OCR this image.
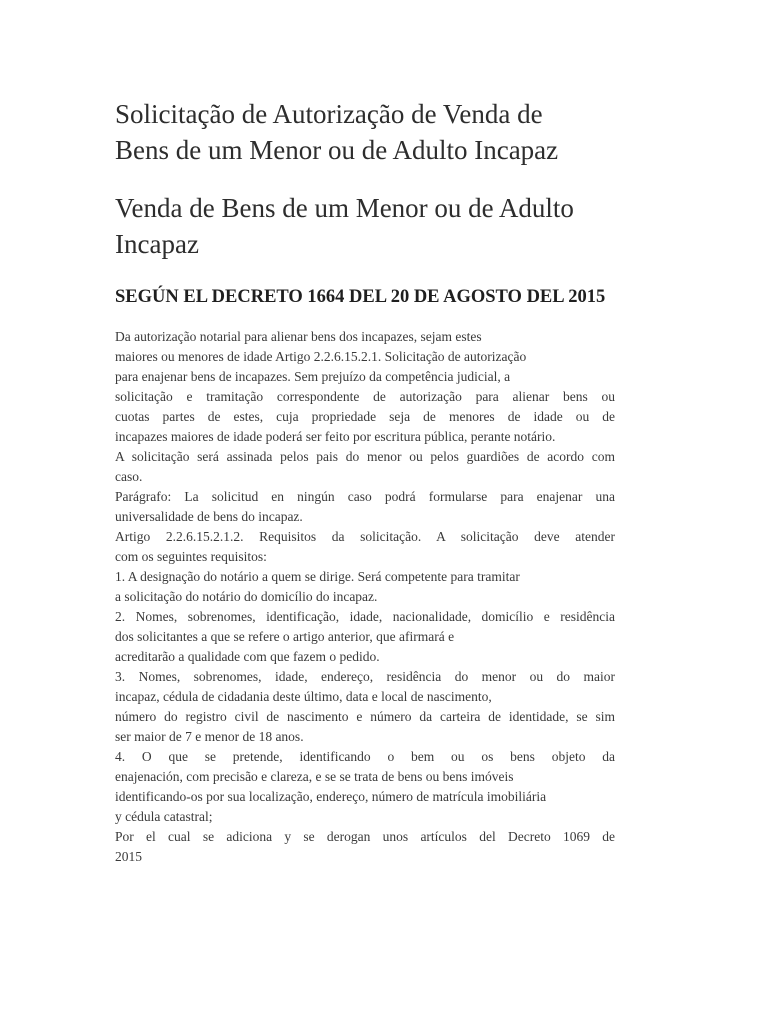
Solicitação de Autorização de Venda de
Bens de um Menor ou de Adulto Incapaz
Venda de Bens de um Menor ou de Adulto
Incapaz
SEGÚN EL DECRETO 1664 DEL 20 DE AGOSTO DEL 2015
Da autorização notarial para alienar bens dos incapazes, sejam estes
maiores ou menores de idade Artigo 2.2.6.15.2.1. Solicitação de autorização
para enajenar bens de incapazes. Sem prejuízo da competência judicial, a
solicitação e tramitação correspondente de autorização para alienar bens ou
cuotas partes de estes, cuja propriedade seja de menores de idade ou de
incapazes maiores de idade poderá ser feito por escritura pública, perante notário.
A solicitação será assinada pelos pais do menor ou pelos guardiões de acordo com
caso.
Parágrafo: La solicitud en ningún caso podrá formularse para enajenar una
universalidade de bens do incapaz.
Artigo 2.2.6.15.2.1.2. Requisitos da solicitação. A solicitação deve atender
com os seguintes requisitos:
1. A designação do notário a quem se dirige. Será competente para tramitar
a solicitação do notário do domicílio do incapaz.
2. Nomes, sobrenomes, identificação, idade, nacionalidade, domicílio e residência
dos solicitantes a que se refere o artigo anterior, que afirmará e
acreditarão a qualidade com que fazem o pedido.
3. Nomes, sobrenomes, idade, endereço, residência do menor ou do maior
incapaz, cédula de cidadania deste último, data e local de nascimento,
número do registro civil de nascimento e número da carteira de identidade, se sim
ser maior de 7 e menor de 18 anos.
4. O que se pretende, identificando o bem ou os bens objeto da
enajenación, com precisão e clareza, e se se trata de bens ou bens imóveis
identificando-os por sua localização, endereço, número de matrícula imobiliária
y cédula catastral;
Por el cual se adiciona y se derogan unos artículos del Decreto 1069 de
2015
